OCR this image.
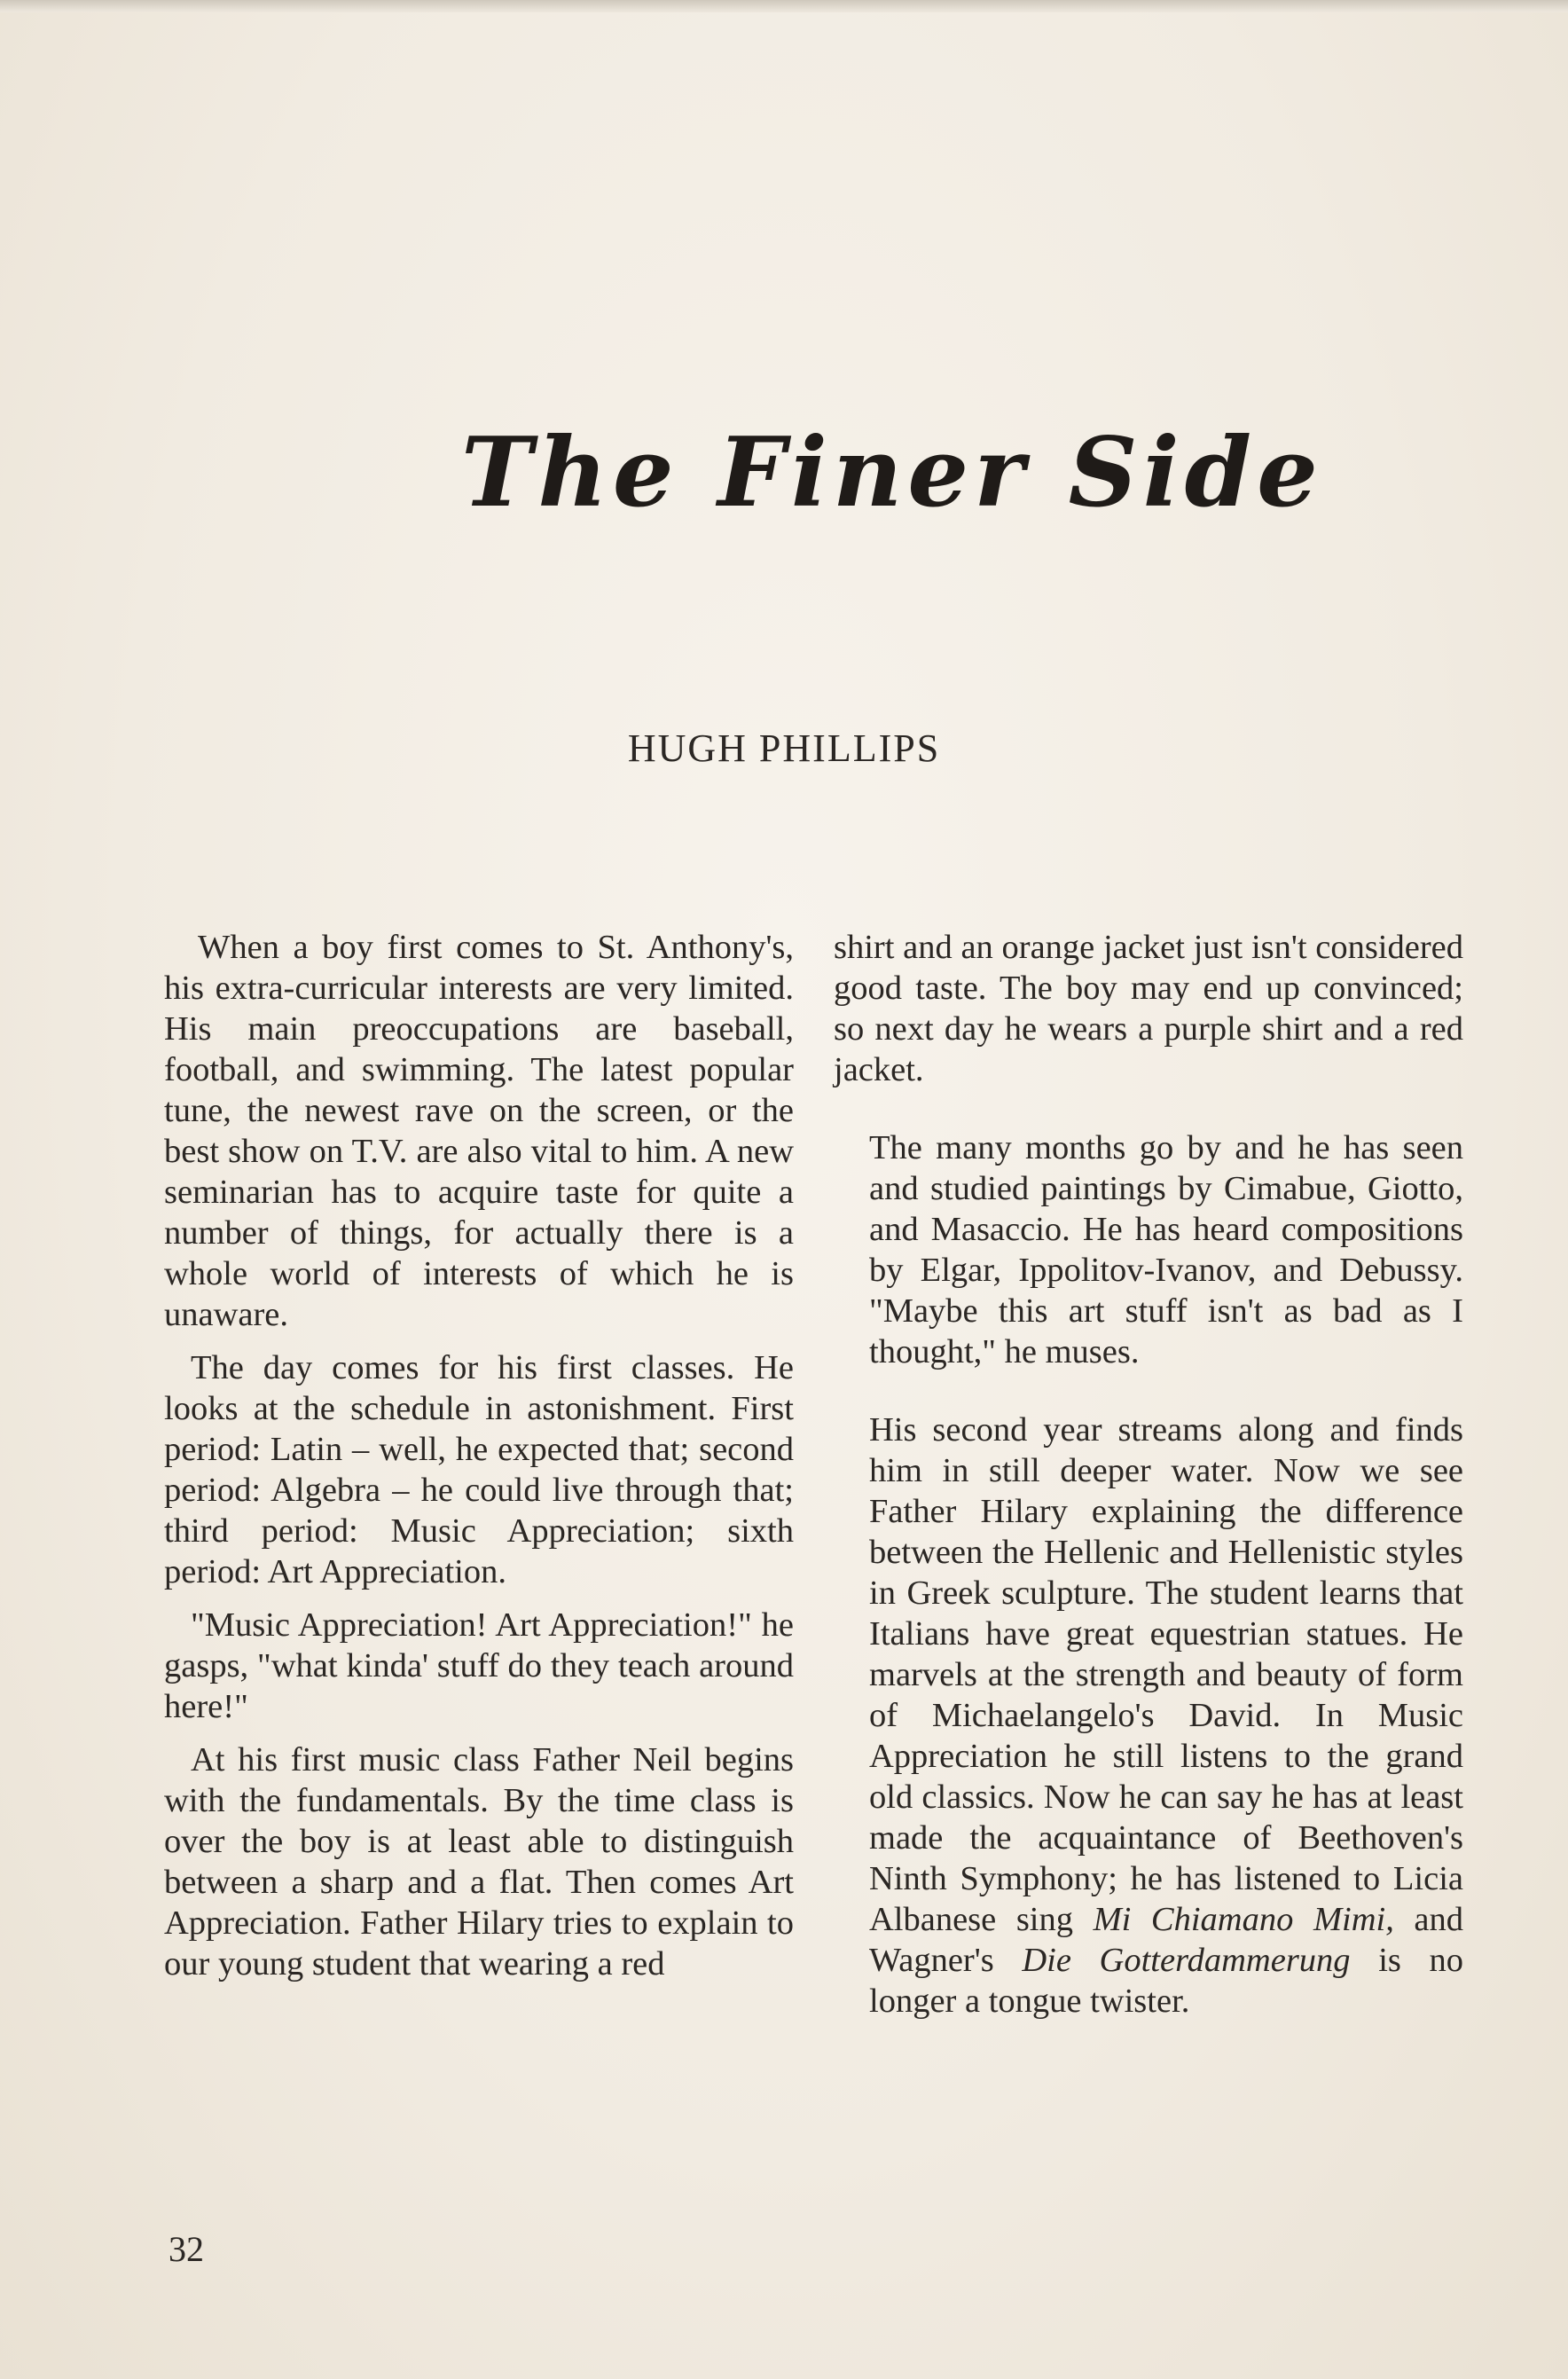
The Finer Side
HUGH PHILLIPS

When a boy first comes to St. Anthony's, his extra-curricular interests are very limited. His main preoccupations are baseball, football, and swimming. The latest popular tune, the newest rave on the screen, or the best show on T.V. are also vital to him. A new seminarian has to acquire taste for quite a number of things, for actually there is a whole world of interests of which he is unaware.

The day comes for his first classes. He looks at the schedule in astonishment. First period: Latin – well, he expected that; second period: Algebra – he could live through that; third period: Music Appreciation; sixth period: Art Appreciation.

"Music Appreciation! Art Appreciation!" he gasps, "what kinda' stuff do they teach around here!"

At his first music class Father Neil begins with the fundamentals. By the time class is over the boy is at least able to distinguish between a sharp and a flat. Then comes Art Appreciation. Father Hilary tries to explain to our young student that wearing a red

shirt and an orange jacket just isn't considered good taste. The boy may end up convinced; so next day he wears a purple shirt and a red jacket.

The many months go by and he has seen and studied paintings by Cimabue, Giotto, and Masaccio. He has heard compositions by Elgar, Ippolitov-Ivanov, and Debussy. "Maybe this art stuff isn't as bad as I thought," he muses.

His second year streams along and finds him in still deeper water. Now we see Father Hilary explaining the difference between the Hellenic and Hellenistic styles in Greek sculpture. The student learns that Italians have great equestrian statues. He marvels at the strength and beauty of form of Michaelangelo's David. In Music Appreciation he still listens to the grand old classics. Now he can say he has at least made the acquaintance of Beethoven's Ninth Symphony; he has listened to Licia Albanese sing Mi Chiamano Mimi, and Wagner's Die Gotterdammerung is no longer a tongue twister.

32
